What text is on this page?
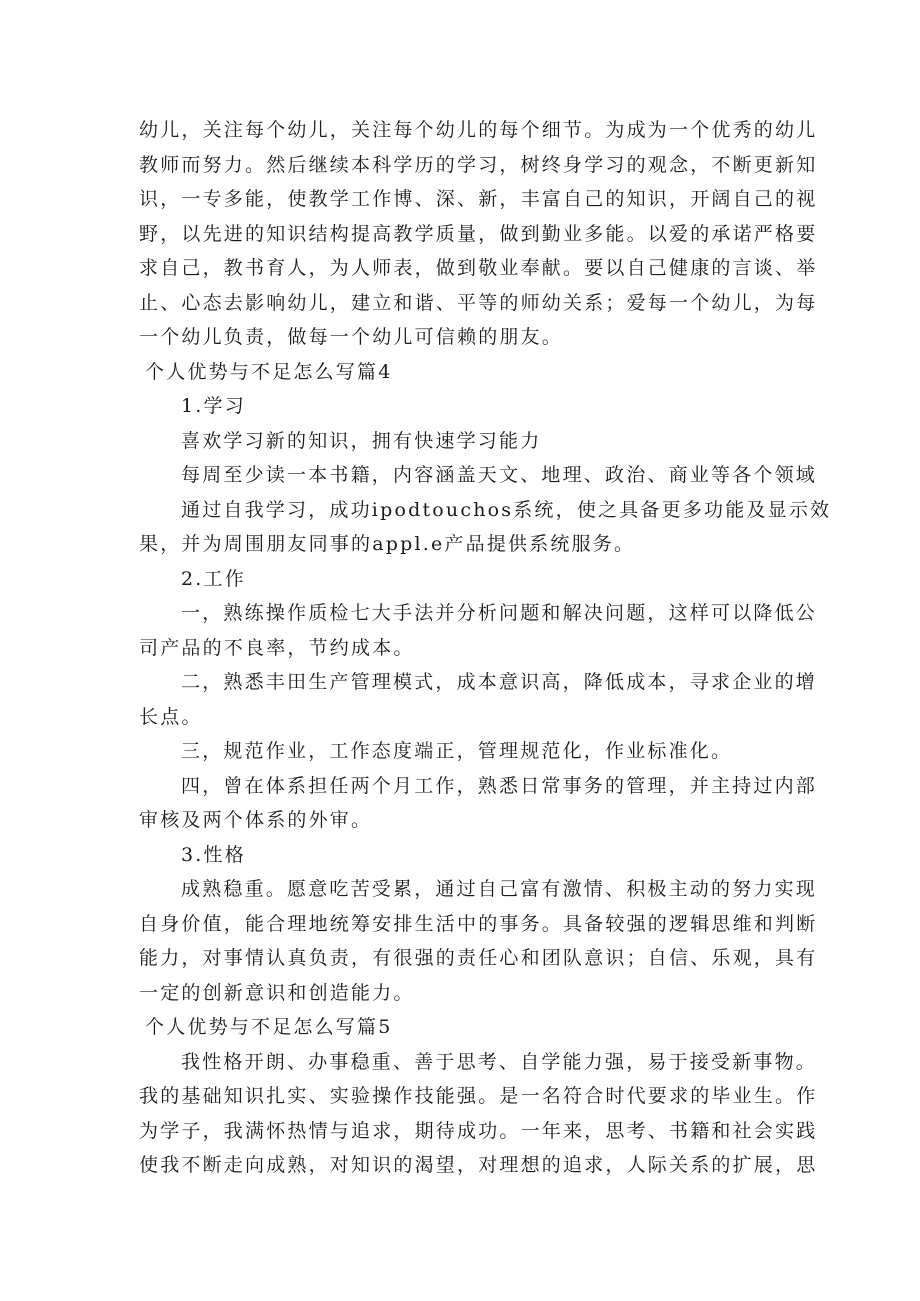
幼儿，关注每个幼儿，关注每个幼儿的每个细节。为成为一个优秀的幼儿
教师而努力。然后继续本科学历的学习，树终身学习的观念，不断更新知
识，一专多能，使教学工作博、深、新，丰富自己的知识，开阔自己的视
野，以先进的知识结构提高教学质量，做到勤业多能。以爱的承诺严格要
求自己，教书育人，为人师表，做到敬业奉献。要以自己健康的言谈、举
止、心态去影响幼儿，建立和谐、平等的师幼关系；爱每一个幼儿，为每
一个幼儿负责，做每一个幼儿可信赖的朋友。
个人优势与不足怎么写篇4
1.学习
喜欢学习新的知识，拥有快速学习能力
每周至少读一本书籍，内容涵盖天文、地理、政治、商业等各个领域
通过自我学习，成功ipodtouchos系统，使之具备更多功能及显示效
果，并为周围朋友同事的appl.e产品提供系统服务。
2.工作
一，熟练操作质检七大手法并分析问题和解决问题，这样可以降低公
司产品的不良率，节约成本。
二，熟悉丰田生产管理模式，成本意识高，降低成本，寻求企业的增
长点。
三，规范作业，工作态度端正，管理规范化，作业标准化。
四，曾在体系担任两个月工作，熟悉日常事务的管理，并主持过内部
审核及两个体系的外审。
3.性格
成熟稳重。愿意吃苦受累，通过自己富有激情、积极主动的努力实现
自身价值，能合理地统筹安排生活中的事务。具备较强的逻辑思维和判断
能力，对事情认真负责，有很强的责任心和团队意识；自信、乐观，具有
一定的创新意识和创造能力。
个人优势与不足怎么写篇5
我性格开朗、办事稳重、善于思考、自学能力强，易于接受新事物。
我的基础知识扎实、实验操作技能强。是一名符合时代要求的毕业生。作
为学子，我满怀热情与追求，期待成功。一年来，思考、书籍和社会实践
使我不断走向成熟，对知识的渴望，对理想的追求，人际关系的扩展，思
